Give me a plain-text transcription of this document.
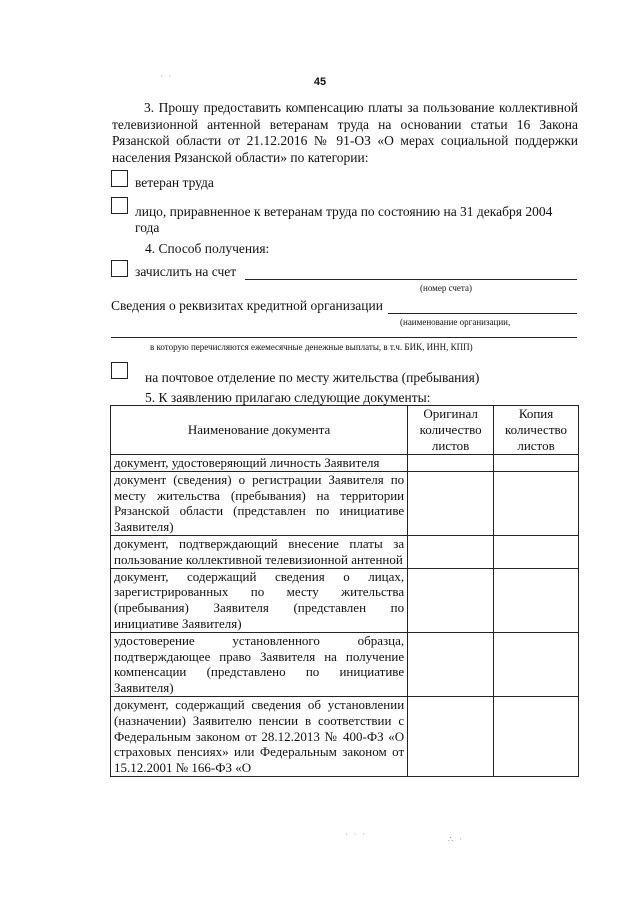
45
3. Прошу предоставить компенсацию платы за пользование коллективной телевизионной антенной ветеранам труда на основании статьи 16 Закона Рязанской области от 21.12.2016 № 91-ОЗ «О мерах социальной поддержки населения Рязанской области» по категории:
ветеран труда
лицо, приравненное к ветеранам труда по состоянию на 31 декабря 2004 года
4. Способ получения:
зачислить на счет
(номер счета)
Сведения о реквизитах кредитной организации
(наименование организации,
в которую перечисляются ежемесячные денежные выплаты, в т.ч. БИК, ИНН, КПП)
на почтовое отделение по месту жительства (пребывания)
5. К заявлению прилагаю следующие документы:
Наименование документа	Оригинал количество листов	Копия количество листов
документ, удостоверяющий личность Заявителя		
документ (сведения) о регистрации Заявителя по месту жительства (пребывания) на территории Рязанской области (представлен по инициативе Заявителя)		
документ, подтверждающий внесение платы за пользование коллективной телевизионной антенной		
документ, содержащий сведения о лицах, зарегистрированных по месту жительства (пребывания) Заявителя (представлен по инициативе Заявителя)		
удостоверение установленного образца, подтверждающее право Заявителя на получение компенсации (представлено по инициативе Заявителя)		
документ, содержащий сведения об установлении (назначении) Заявителю пенсии в соответствии с Федеральным законом от 28.12.2013 № 400-ФЗ «О страховых пенсиях» или Федеральным законом от 15.12.2001 № 166-ФЗ «О		
· ·
· · ·
∴ ·
